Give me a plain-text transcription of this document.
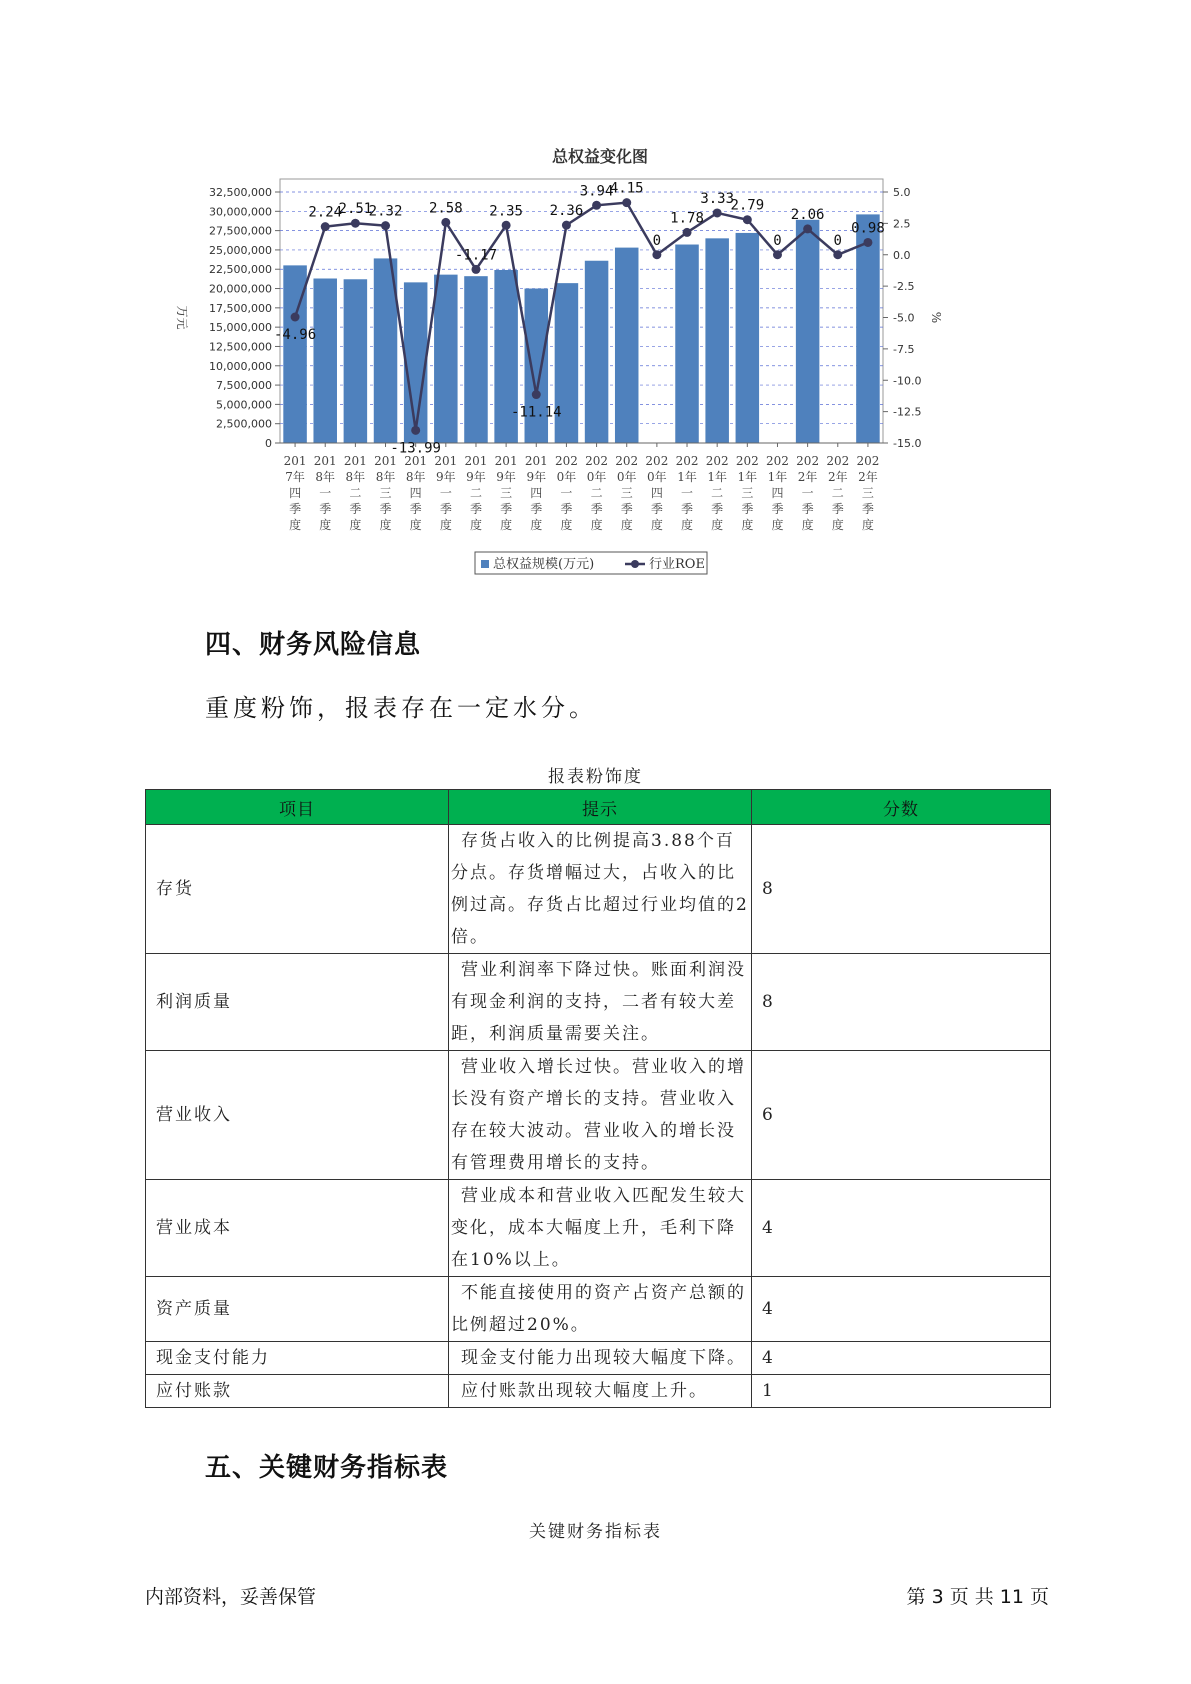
总权益变化图
32,500,000
30,000,000
27,500,000
25,000,000
22,500,000
20,000,000
17,500,000
15,000,000
12,500,000
10,000,000
7,500,000
5,000,000
2,500,000
0
5.0
2.5
0.0
-2.5
-5.0
-7.5
-10.0
-12.5
-15.0
万元	%
201
7年
四
季
度
201
8年
一
季
度
201
8年
二
季
度
201
8年
三
季
度
201
8年
四
季
度
201
9年
一
季
度
201
9年
二
季
度
201
9年
三
季
度
201
9年
四
季
度
202
0年
一
季
度
202
0年
二
季
度
202
0年
三
季
度
202
0年
四
季
度
202
1年
一
季
度
202
1年
二
季
度
202
1年
三
季
度
202
1年
四
季
度
202
2年
一
季
度
202
2年
二
季
度
202
2年
三
季
度
-4.96
2.24
2.51
2.32
-13.99
2.58
-1.17
2.35
-11.14
2.36
3.94
4.15
0
1.78
3.33
2.79
0
2.06
0
0.98
总权益规模(万元)	行业ROE
四、财务风险信息
重度粉饰，报表存在一定水分。
报表粉饰度
项目	提示	分数
存货	存货占收入的比例提高3.88个百分点。存货增幅过大，占收入的比例过高。存货占比超过行业均值的2倍。	8
利润质量	营业利润率下降过快。账面利润没有现金利润的支持，二者有较大差距，利润质量需要关注。	8
营业收入	营业收入增长过快。营业收入的增长没有资产增长的支持。营业收入存在较大波动。营业收入的增长没有管理费用增长的支持。	6
营业成本	营业成本和营业收入匹配发生较大变化，成本大幅度上升，毛利下降在10%以上。	4
资产质量	不能直接使用的资产占资产总额的比例超过20%。	4
现金支付能力	现金支付能力出现较大幅度下降。	4
应付账款	应付账款出现较大幅度上升。	1
五、关键财务指标表
关键财务指标表
内部资料，妥善保管	第 3 页 共 11 页
